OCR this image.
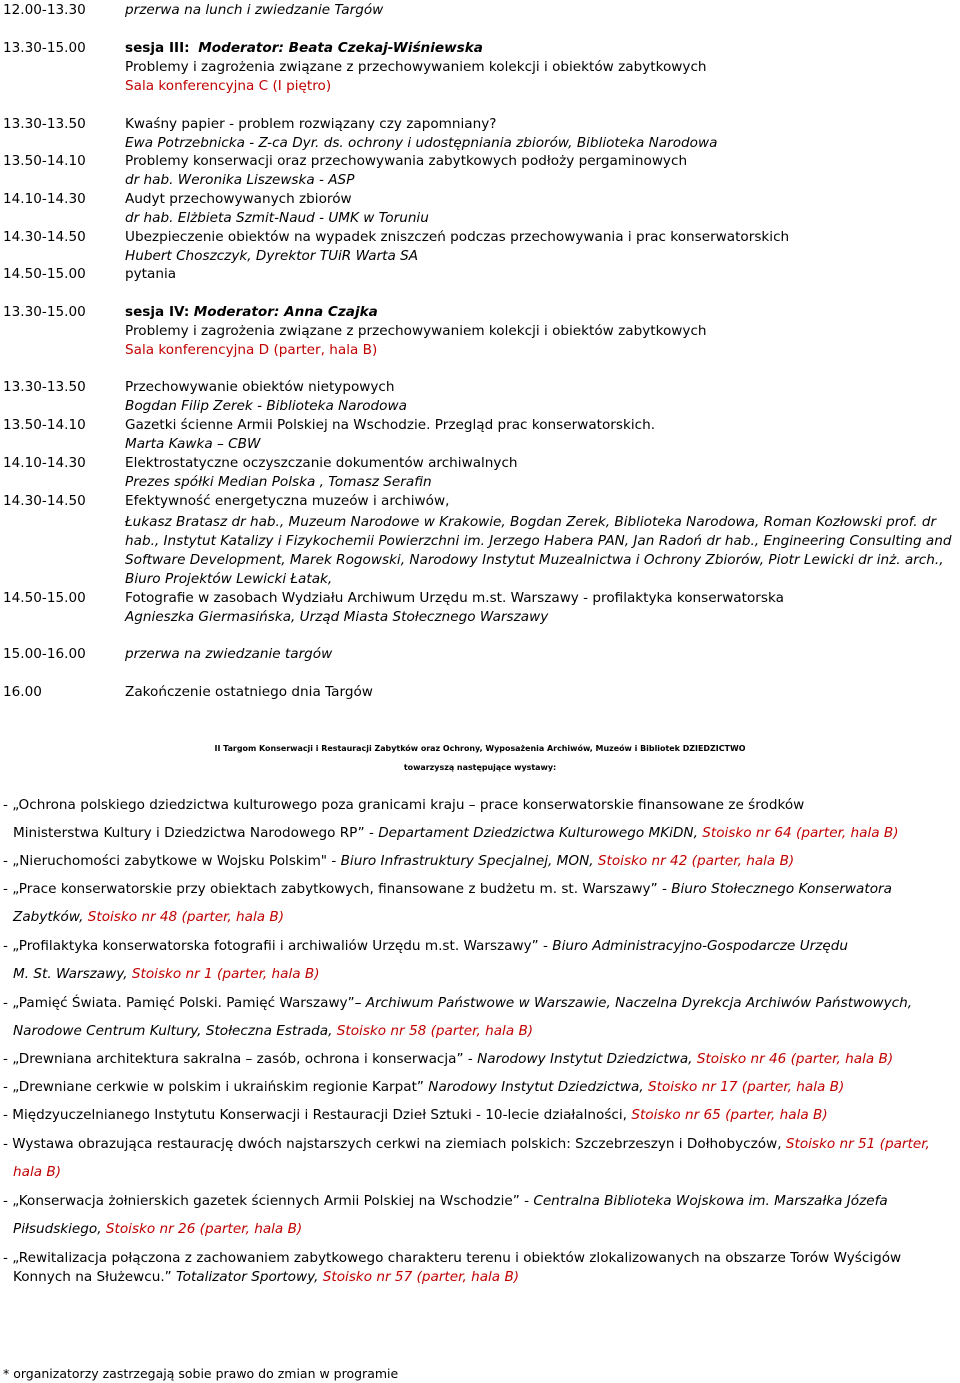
12.00-13.30	przerwa na lunch i zwiedzanie Targów
13.30-15.00	sesja III: Moderator: Beata Czekaj-Wiśniewska
Problemy i zagrożenia związane z przechowywaniem kolekcji i obiektów zabytkowych
Sala konferencyjna C (I piętro)
13.30-13.50	Kwaśny papier - problem rozwiązany czy zapomniany?
Ewa Potrzebnicka - Z-ca Dyr. ds. ochrony i udostępniania zbiorów, Biblioteka Narodowa
13.50-14.10	Problemy konserwacji oraz przechowywania zabytkowych podłoży pergaminowych
dr hab. Weronika Liszewska - ASP
14.10-14.30	Audyt przechowywanych zbiorów
dr hab. Elżbieta Szmit-Naud - UMK w Toruniu
14.30-14.50	Ubezpieczenie obiektów na wypadek zniszczeń podczas przechowywania i prac konserwatorskich
Hubert Choszczyk, Dyrektor TUiR Warta SA
14.50-15.00	pytania
13.30-15.00	sesja IV: Moderator: Anna Czajka
Problemy i zagrożenia związane z przechowywaniem kolekcji i obiektów zabytkowych
Sala konferencyjna D (parter, hala B)
13.30-13.50	Przechowywanie obiektów nietypowych
Bogdan Filip Zerek - Biblioteka Narodowa
13.50-14.10	Gazetki ścienne Armii Polskiej na Wschodzie. Przegląd prac konserwatorskich.
Marta Kawka – CBW
14.10-14.30	Elektrostatyczne oczyszczanie dokumentów archiwalnych
Prezes spółki Median Polska , Tomasz Serafin
14.30-14.50	Efektywność energetyczna muzeów i archiwów,
Łukasz Bratasz dr hab., Muzeum Narodowe w Krakowie, Bogdan Zerek, Biblioteka Narodowa, Roman Kozłowski prof. dr hab., Instytut Katalizy i Fizykochemii Powierzchni im. Jerzego Habera PAN, Jan Radoń dr hab., Engineering Consulting and Software Development, Marek Rogowski, Narodowy Instytut Muzealnictwa i Ochrony Zbiorów, Piotr Lewicki dr inż. arch., Biuro Projektów Lewicki Łatak,
14.50-15.00	Fotografie w zasobach Wydziału Archiwum Urzędu m.st. Warszawy - profilaktyka konserwatorska
Agnieszka Giermasińska, Urząd Miasta Stołecznego Warszawy
15.00-16.00	przerwa na zwiedzanie targów
16.00	Zakończenie ostatniego dnia Targów
II Targom Konserwacji i Restauracji Zabytków oraz Ochrony, Wyposażenia Archiwów, Muzeów i Bibliotek DZIEDZICTWO
towarzyszą następujące wystawy:
- „Ochrona polskiego dziedzictwa kulturowego poza granicami kraju – prace konserwatorskie finansowane ze środków
Ministerstwa Kultury i Dziedzictwa Narodowego RP” - Departament Dziedzictwa Kulturowego MKiDN, Stoisko nr 64 (parter, hala B)
- „Nieruchomości zabytkowe w Wojsku Polskim" - Biuro Infrastruktury Specjalnej, MON, Stoisko nr 42 (parter, hala B)
- „Prace konserwatorskie przy obiektach zabytkowych, finansowane z budżetu m. st. Warszawy” - Biuro Stołecznego Konserwatora
Zabytków, Stoisko nr 48 (parter, hala B)
- „Profilaktyka konserwatorska fotografii i archiwaliów Urzędu m.st. Warszawy” - Biuro Administracyjno-Gospodarcze Urzędu
M. St. Warszawy, Stoisko nr 1 (parter, hala B)
- „Pamięć Świata. Pamięć Polski. Pamięć Warszawy”– Archiwum Państwowe w Warszawie, Naczelna Dyrekcja Archiwów Państwowych,
Narodowe Centrum Kultury, Stołeczna Estrada, Stoisko nr 58 (parter, hala B)
- „Drewniana architektura sakralna – zasób, ochrona i konserwacja” - Narodowy Instytut Dziedzictwa, Stoisko nr 46 (parter, hala B)
- „Drewniane cerkwie w polskim i ukraińskim regionie Karpat” Narodowy Instytut Dziedzictwa, Stoisko nr 17 (parter, hala B)
- Międzyuczelnianego Instytutu Konserwacji i Restauracji Dzieł Sztuki - 10-lecie działalności, Stoisko nr 65 (parter, hala B)
- Wystawa obrazująca restaurację dwóch najstarszych cerkwi na ziemiach polskich: Szczebrzeszyn i Dołhobyczów, Stoisko nr 51 (parter,
hala B)
- „Konserwacja żołnierskich gazetek ściennych Armii Polskiej na Wschodzie” - Centralna Biblioteka Wojskowa im. Marszałka Józefa
Piłsudskiego, Stoisko nr 26 (parter, hala B)
- „Rewitalizacja połączona z zachowaniem zabytkowego charakteru terenu i obiektów zlokalizowanych na obszarze Torów Wyścigów
Konnych na Służewcu.” Totalizator Sportowy, Stoisko nr 57 (parter, hala B)
* organizatorzy zastrzegają sobie prawo do zmian w programie
